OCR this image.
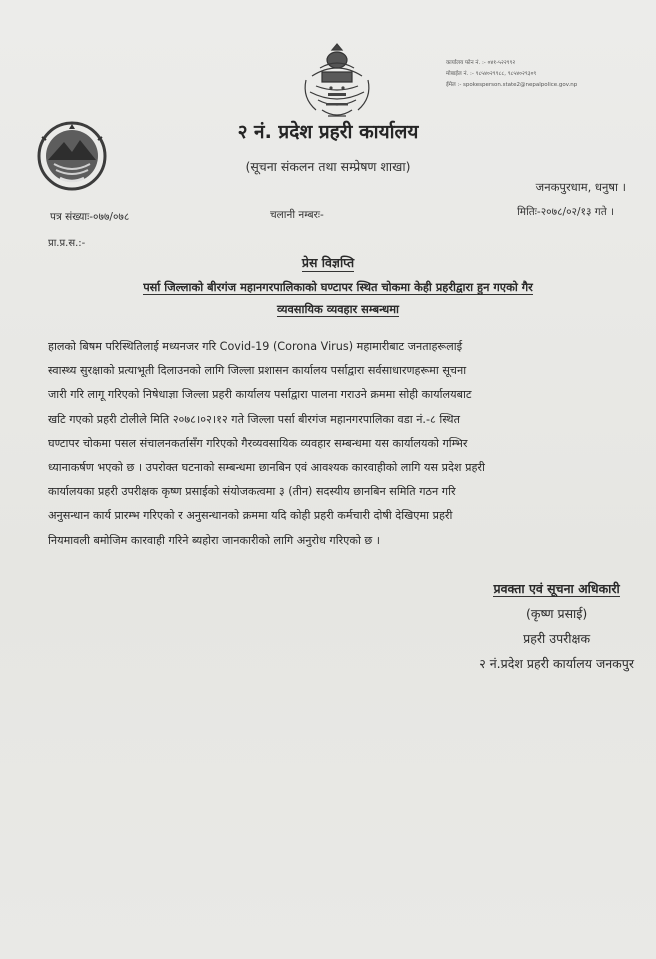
कार्यालय फोन नं. :- ०४१-५२२९९२
मोबाईल नं. :- ९८५४०२९९८८, ९८५४०२९३०९
ईमेल :- spokesperson.state2@nepalpolice.gov.np
२ नं. प्रदेश प्रहरी कार्यालय
(सूचना संकलन तथा सम्प्रेषण शाखा)
जनकपुरधाम, धनुषा ।
पत्र संख्याः-०७७/०७८	चलानी नम्बरः-	मितिः-२०७८/०२/१३ गते ।
प्रा.प्र.स.:-
प्रेस विज्ञप्ति
पर्सा जिल्लाको बीरगंज महानगरपालिकाको घण्टापर स्थित चोकमा केही प्रहरीद्वारा हुन गएको गैर
व्यवसायिक व्यवहार सम्बन्धमा
हालको बिषम परिस्थितिलाई मध्यनजर गरि Covid-19 (Corona Virus) महामारीबाट जनताहरूलाई
स्वास्थ्य सुरक्षाको प्रत्याभूती दिलाउनको लागि जिल्ला प्रशासन कार्यालय पर्साद्वारा सर्वसाधारणहरूमा सूचना
जारी गरि लागू गरिएको निषेधाज्ञा जिल्ला प्रहरी कार्यालय पर्साद्वारा पालना गराउने क्रममा सोही कार्यालयबाट
खटि गएको प्रहरी टोलीले मिति २०७८।०२।१२ गते जिल्ला पर्सा बीरगंज महानगरपालिका वडा नं.-८ स्थित
घण्टापर चोकमा पसल संचालनकर्तासँग गरिएको गैरव्यवसायिक व्यवहार सम्बन्धमा यस कार्यालयको गम्भिर
ध्यानाकर्षण भएको छ । उपरोक्त घटनाको सम्बन्धमा छानबिन एवं आवश्यक कारवाहीको लागि यस प्रदेश प्रहरी
कार्यालयका प्रहरी उपरीक्षक कृष्ण प्रसाईको संयोजकत्वमा ३ (तीन) सदस्यीय छानबिन समिति गठन गरि
अनुसन्धान कार्य प्रारम्भ गरिएको र अनुसन्धानको क्रममा यदि कोही प्रहरी कर्मचारी दोषी देखिएमा प्रहरी
नियमावली बमोजिम कारवाही गरिने ब्यहोरा जानकारीको लागि अनुरोध गरिएको छ ।
प्रवक्ता एवं सूचना अधिकारी
(कृष्ण प्रसाई)
प्रहरी उपरीक्षक
२ नं.प्रदेश प्रहरी कार्यालय जनकपुर
